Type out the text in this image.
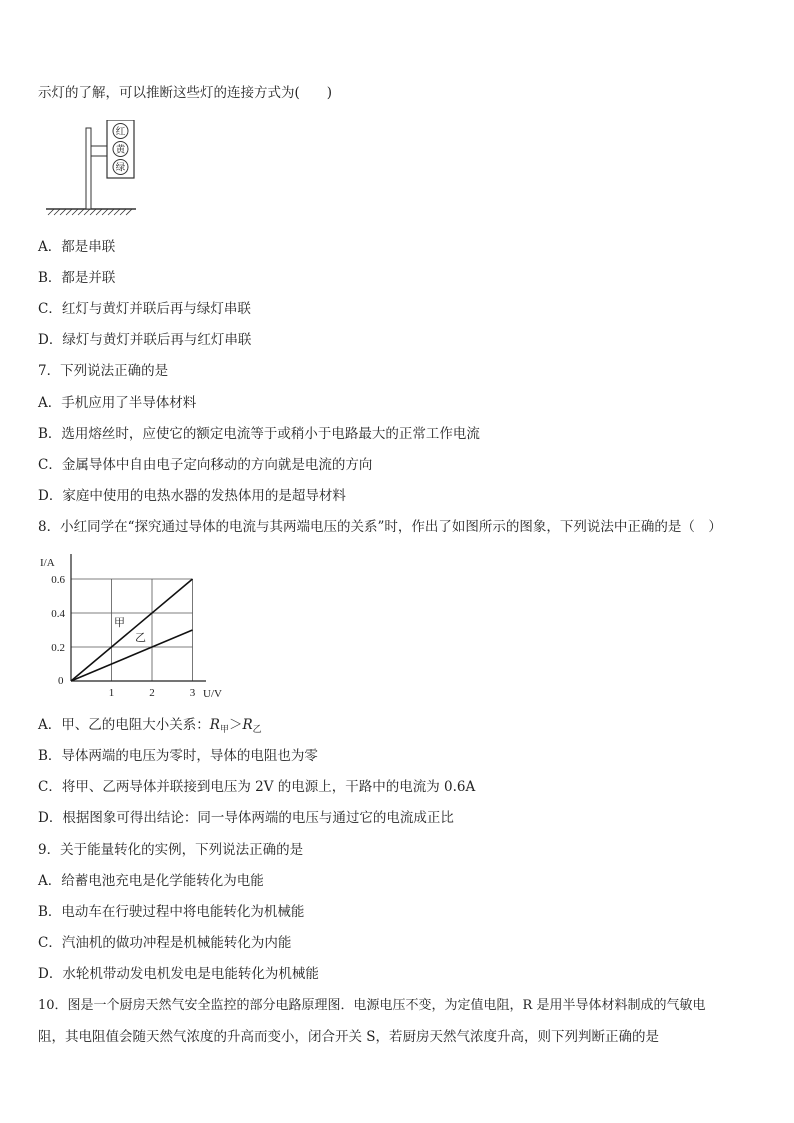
示灯的了解，可以推断这些灯的连接方式为(　　)
红
黄
绿
A．都是串联
B．都是并联
C．红灯与黄灯并联后再与绿灯串联
D．绿灯与黄灯并联后再与红灯串联
7．下列说法正确的是
A．手机应用了半导体材料
B．选用熔丝时，应使它的额定电流等于或稍小于电路最大的正常工作电流
C．金属导体中自由电子定向移动的方向就是电流的方向
D．家庭中使用的电热水器的发热体用的是超导材料
8．小红同学在“探究通过导体的电流与其两端电压的关系”时，作出了如图所示的图象，下列说法中正确的是（　）
1	2	3
0.2
0.4
0.6
I/A
U/V
0
甲
乙
A．甲、乙的电阻大小关系：$R_甲>R_乙$
B．导体两端的电压为零时，导体的电阻也为零
C．将甲、乙两导体并联接到电压为 2V 的电源上，干路中的电流为 0.6A
D．根据图象可得出结论：同一导体两端的电压与通过它的电流成正比
9．关于能量转化的实例，下列说法正确的是
A．给蓄电池充电是化学能转化为电能
B．电动车在行驶过程中将电能转化为机械能
C．汽油机的做功冲程是机械能转化为内能
D．水轮机带动发电机发电是电能转化为机械能
10．图是一个厨房天然气安全监控的部分电路原理图．电源电压不变，为定值电阻，R 是用半导体材料制成的气敏电
阻，其电阻值会随天然气浓度的升高而变小，闭合开关 S，若厨房天然气浓度升高，则下列判断正确的是
